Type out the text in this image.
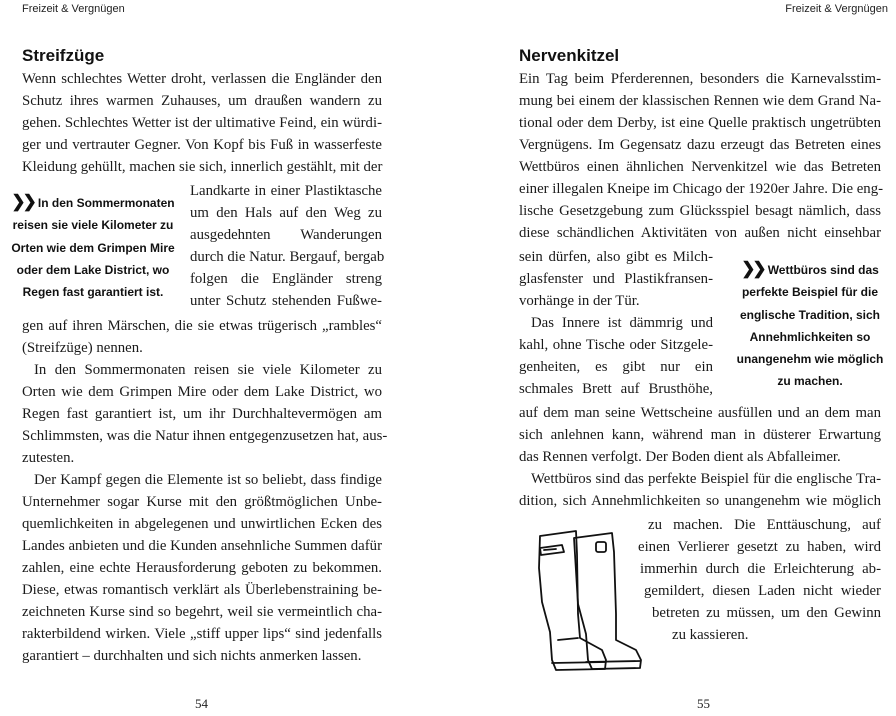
Freizeit & Vergnügen	Freizeit & Vergnügen
Streifzüge
Wenn schlechtes Wetter droht, verlassen die Engländer den
Schutz ihres warmen Zuhauses, um draußen wandern zu
gehen. Schlechtes Wetter ist der ultimative Feind, ein würdi-
ger und vertrauter Gegner. Von Kopf bis Fuß in wasserfeste
Kleidung gehüllt, machen sie sich, innerlich gestählt, mit der
Landkarte in einer Plastiktasche
um den Hals auf den Weg zu
ausgedehnten Wanderungen
durch die Natur. Bergauf, bergab
folgen die Engländer streng
unter Schutz stehenden Fußwe-
❯❯ In den Sommermonaten
reisen sie viele Kilometer zu
Orten wie dem Grimpen Mire
oder dem Lake District, wo
Regen fast garantiert ist.
gen auf ihren Märschen, die sie etwas trügerisch „rambles“
(Streifzüge) nennen.
In den Sommermonaten reisen sie viele Kilometer zu
Orten wie dem Grimpen Mire oder dem Lake District, wo
Regen fast garantiert ist, um ihr Durchhaltevermögen am
Schlimmsten, was die Natur ihnen entgegenzusetzen hat, aus-
zutesten.
Der Kampf gegen die Elemente ist so beliebt, dass findige
Unternehmer sogar Kurse mit den größtmöglichen Unbe-
quemlichkeiten in abgelegenen und unwirtlichen Ecken des
Landes anbieten und die Kunden ansehnliche Summen dafür
zahlen, eine echte Herausforderung geboten zu bekommen.
Diese, etwas romantisch verklärt als Überlebenstraining be-
zeichneten Kurse sind so begehrt, weil sie vermeintlich cha-
rakterbildend wirken. Viele „stiff upper lips“ sind jedenfalls
garantiert – durchhalten und sich nichts anmerken lassen.
54
Nervenkitzel
Ein Tag beim Pferderennen, besonders die Karnevalsstim-
mung bei einem der klassischen Rennen wie dem Grand Na-
tional oder dem Derby, ist eine Quelle praktisch ungetrübten
Vergnügens. Im Gegensatz dazu erzeugt das Betreten eines
Wettbüros einen ähnlichen Nervenkitzel wie das Betreten
einer illegalen Kneipe im Chicago der 1920er Jahre. Die eng-
lische Gesetzgebung zum Glücksspiel besagt nämlich, dass
diese schändlichen Aktivitäten von außen nicht einsehbar
sein dürfen, also gibt es Milch-
glasfenster und Plastikfransen-
vorhänge in der Tür.
Das Innere ist dämmrig und
kahl, ohne Tische oder Sitzgele-
genheiten, es gibt nur ein
schmales Brett auf Brusthöhe,
❯❯ Wettbüros sind das
perfekte Beispiel für die
englische Tradition, sich
Annehmlichkeiten so
unangenehm wie möglich
zu machen.
auf dem man seine Wettscheine ausfüllen und an dem man
sich anlehnen kann, während man in düsterer Erwartung
das Rennen verfolgt. Der Boden dient als Abfalleimer.
Wettbüros sind das perfekte Beispiel für die englische Tra-
dition, sich Annehmlichkeiten so unangenehm wie möglich
zu machen. Die Enttäuschung, auf
einen Verlierer gesetzt zu haben, wird
immerhin durch die Erleichterung ab-
gemildert, diesen Laden nicht wieder
betreten zu müssen, um den Gewinn
zu kassieren.
55
